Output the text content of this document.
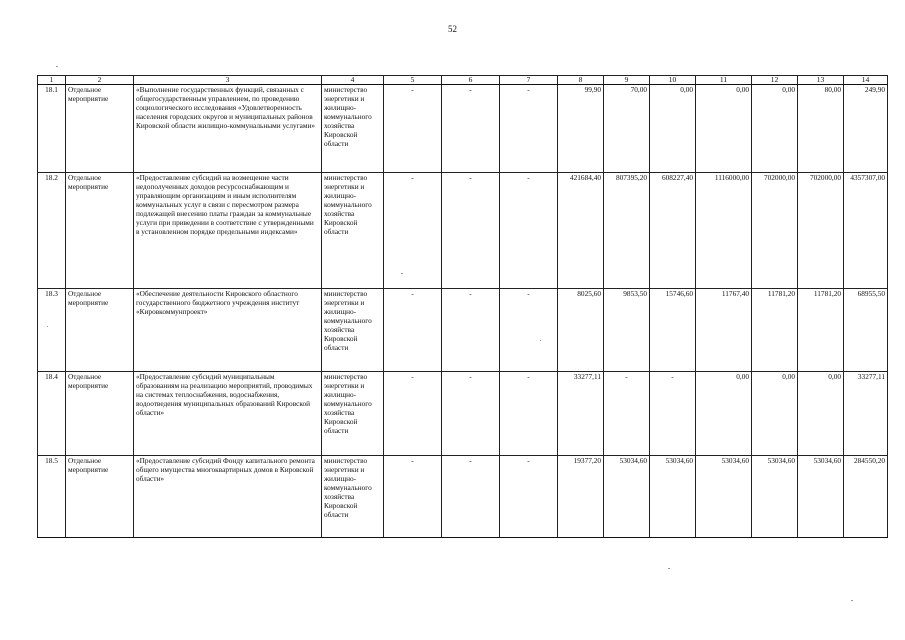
52
1	2	3	4	5	6	7	8	9	10	11	12	13	14
18.1	Отдельное мероприятие	«Выполнение государственных функций, связанных с общегосударственным управлением, по проведению социологического исследования «Удовлетворенность населения городских округов и муниципальных районов Кировской области жилищно-коммунальными услугами»	министерство энергетики и жилищно-коммунального хозяйства Кировской области	-	-	-	99,90	70,00	0,00	0,00	0,00	80,00	249,90
18.2	Отдельное мероприятие	«Предоставление субсидий на возмещение части недополученных доходов ресурсоснабжающим и управляющим организациям и иным исполнителям коммунальных услуг в связи с пересмотром размера подлежащей внесению платы граждан за коммунальные услуги при приведении в соответствие с утвержденными в установленном порядке предельными индексами»	министерство энергетики и жилищно-коммунального хозяйства Кировской области	-	-	-	421684,40	807395,20	608227,40	1116000,00	702000,00	702000,00	4357307,00
18.3	Отдельное мероприятие	«Обеспечение деятельности Кировского областного государственного бюджетного учреждения институт «Кировкоммунпроект»	министерство энергетики и жилищно-коммунального хозяйства Кировской области	-	-	-	8025,60	9853,50	15746,60	11767,40	11781,20	11781,20	68955,50
18.4	Отдельное мероприятие	«Предоставление субсидий муниципальным образованиям на реализацию мероприятий, проводимых на системах теплоснабжения, водоснабжения, водоотведения муниципальных образований Кировской области»	министерство энергетики и жилищно-коммунального хозяйства Кировской области	-	-	-	33277,11	-	-	0,00	0,00	0,00	33277,11
18.5	Отдельное мероприятие	«Предоставление субсидий Фонду капитального ремонта общего имущества многоквартирных домов в Кировской области»	министерство энергетики и жилищно-коммунального хозяйства Кировской области	-	-	-	19377,20	53034,60	53034,60	53034,60	53034,60	53034,60	284550,20
